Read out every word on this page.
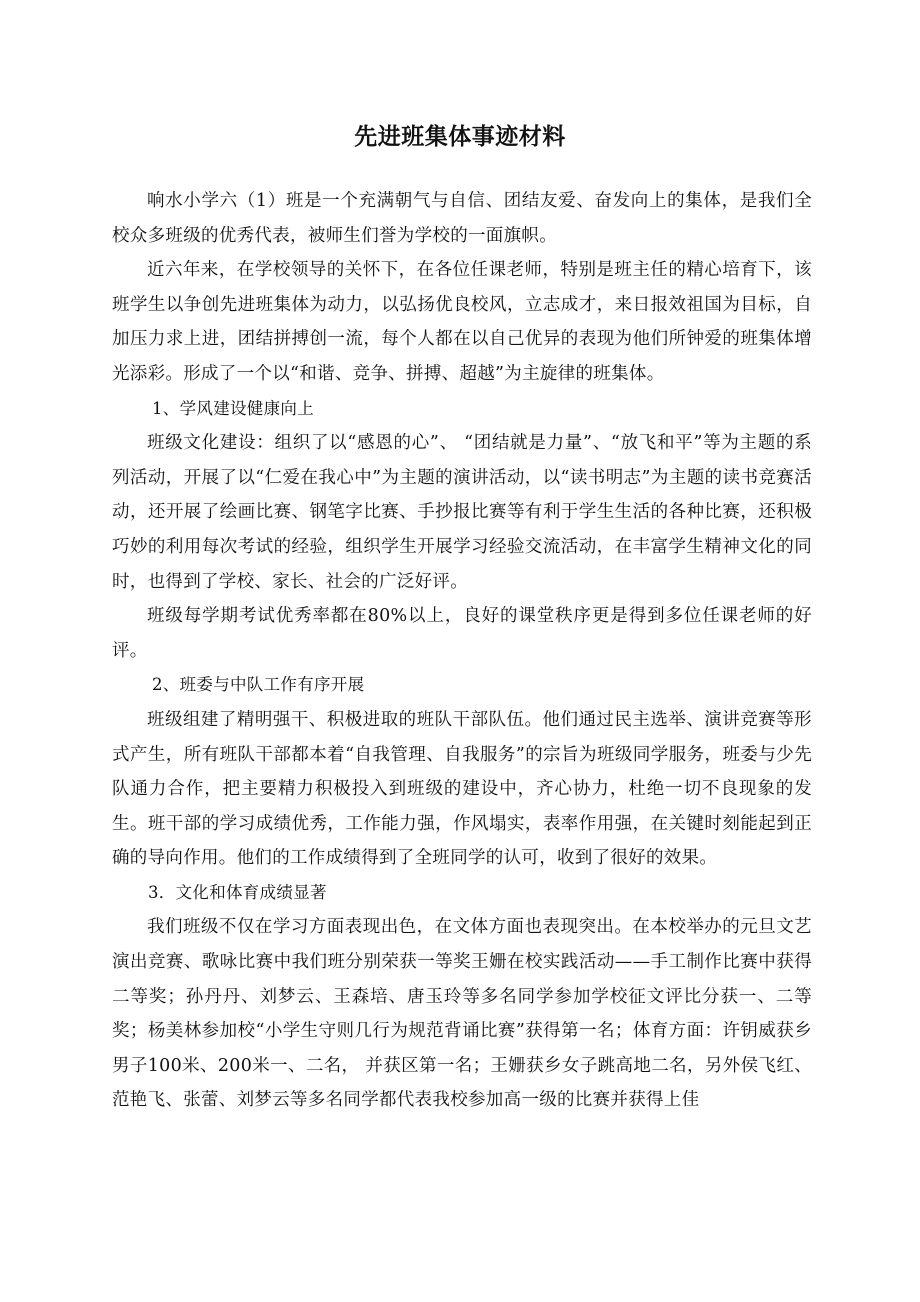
先进班集体事迹材料

响水小学六（1）班是一个充满朝气与自信、团结友爱、奋发向上的集体，是我们全校众多班级的优秀代表，被师生们誉为学校的一面旗帜。

近六年来，在学校领导的关怀下，在各位任课老师，特别是班主任的精心培育下，该班学生以争创先进班集体为动力，以弘扬优良校风，立志成才，来日报效祖国为目标，自加压力求上进，团结拼搏创一流，每个人都在以自己优异的表现为他们所钟爱的班集体增光添彩。形成了一个以“和谐、竞争、拼搏、超越”为主旋律的班集体。

1、学风建设健康向上

班级文化建设：组织了以“感恩的心”、 “团结就是力量”、“放飞和平”等为主题的系列活动，开展了以“仁爱在我心中”为主题的演讲活动，以“读书明志”为主题的读书竞赛活动，还开展了绘画比赛、钢笔字比赛、手抄报比赛等有利于学生生活的各种比赛，还积极巧妙的利用每次考试的经验，组织学生开展学习经验交流活动，在丰富学生精神文化的同时，也得到了学校、家长、社会的广泛好评。

班级每学期考试优秀率都在80%以上，良好的课堂秩序更是得到多位任课老师的好评。

2、班委与中队工作有序开展

班级组建了精明强干、积极进取的班队干部队伍。他们通过民主选举、演讲竞赛等形式产生，所有班队干部都本着“自我管理、自我服务”的宗旨为班级同学服务，班委与少先队通力合作，把主要精力积极投入到班级的建设中，齐心协力，杜绝一切不良现象的发生。班干部的学习成绩优秀，工作能力强，作风塌实，表率作用强，在关键时刻能起到正确的导向作用。他们的工作成绩得到了全班同学的认可，收到了很好的效果。

3．文化和体育成绩显著

我们班级不仅在学习方面表现出色，在文体方面也表现突出。在本校举办的元旦文艺演出竞赛、歌咏比赛中我们班分别荣获一等奖王姗在校实践活动——手工制作比赛中获得二等奖；孙丹丹、刘梦云、王森培、唐玉玲等多名同学参加学校征文评比分获一、二等奖；杨美林参加校“小学生守则几行为规范背诵比赛”获得第一名；体育方面：许钥威获乡男子100米、200米一、二名， 并获区第一名；王姗获乡女子跳高地二名，另外侯飞红、范艳飞、张蕾、刘梦云等多名同学都代表我校参加高一级的比赛并获得上佳
